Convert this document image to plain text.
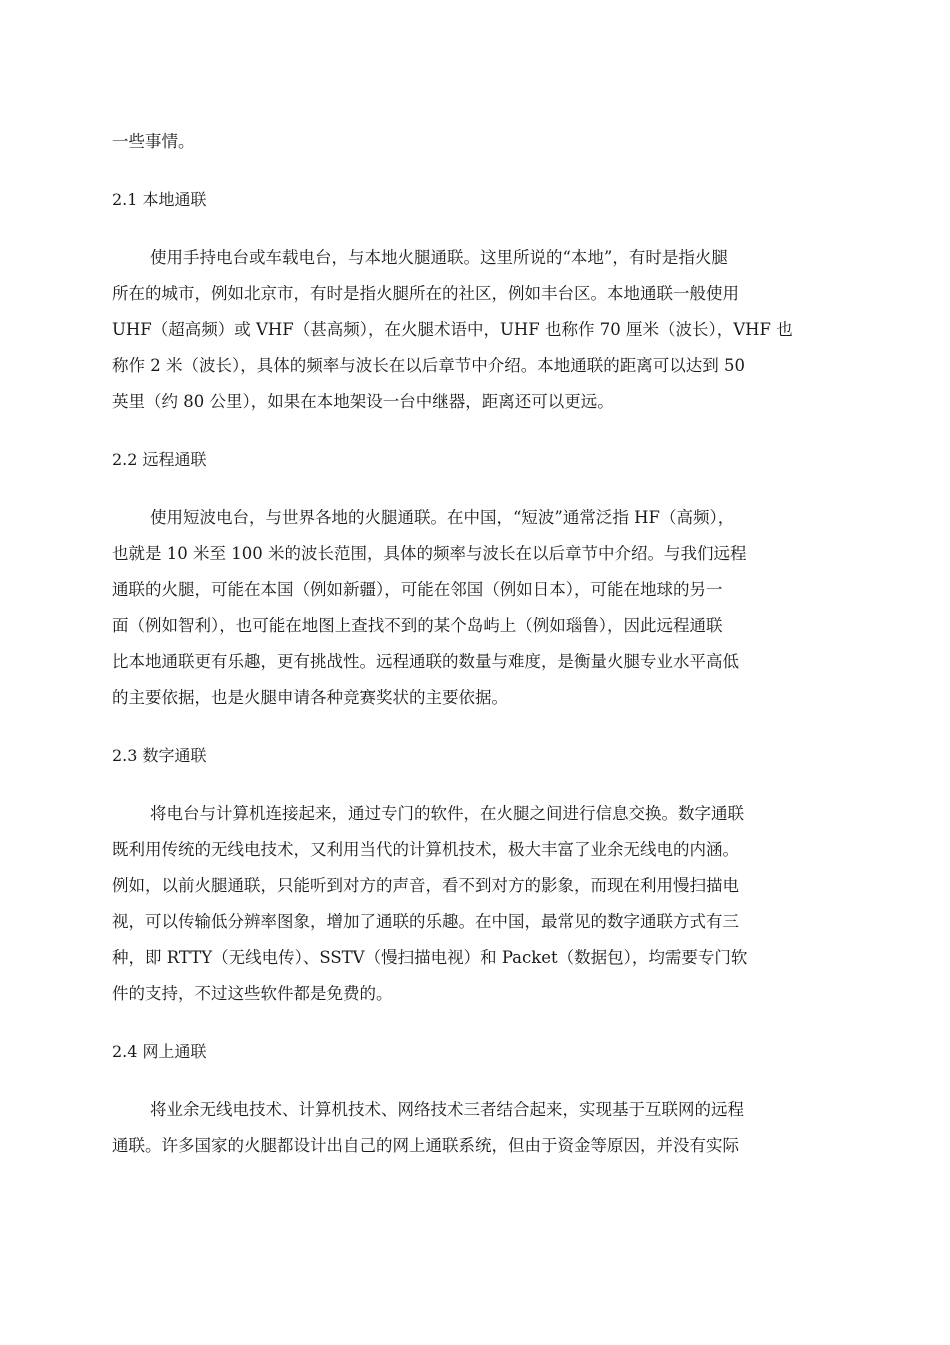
一些事情。
2.1 本地通联
使用手持电台或车载电台，与本地火腿通联。这里所说的“本地”，有时是指火腿
所在的城市，例如北京市，有时是指火腿所在的社区，例如丰台区。本地通联一般使用
UHF（超高频）或 VHF（甚高频），在火腿术语中，UHF 也称作 70 厘米（波长），VHF 也
称作 2 米（波长），具体的频率与波长在以后章节中介绍。本地通联的距离可以达到 50
英里（约 80 公里），如果在本地架设一台中继器，距离还可以更远。
2.2 远程通联
使用短波电台，与世界各地的火腿通联。在中国，“短波”通常泛指 HF（高频），
也就是 10 米至 100 米的波长范围，具体的频率与波长在以后章节中介绍。与我们远程
通联的火腿，可能在本国（例如新疆），可能在邻国（例如日本），可能在地球的另一
面（例如智利），也可能在地图上查找不到的某个岛屿上（例如瑙鲁），因此远程通联
比本地通联更有乐趣，更有挑战性。远程通联的数量与难度，是衡量火腿专业水平高低
的主要依据，也是火腿申请各种竞赛奖状的主要依据。
2.3 数字通联
将电台与计算机连接起来，通过专门的软件，在火腿之间进行信息交换。数字通联
既利用传统的无线电技术，又利用当代的计算机技术，极大丰富了业余无线电的内涵。
例如，以前火腿通联，只能听到对方的声音，看不到对方的影象，而现在利用慢扫描电
视，可以传输低分辨率图象，增加了通联的乐趣。在中国，最常见的数字通联方式有三
种，即 RTTY（无线电传）、SSTV（慢扫描电视）和 Packet（数据包），均需要专门软
件的支持，不过这些软件都是免费的。
2.4 网上通联
将业余无线电技术、计算机技术、网络技术三者结合起来，实现基于互联网的远程
通联。许多国家的火腿都设计出自己的网上通联系统，但由于资金等原因，并没有实际
